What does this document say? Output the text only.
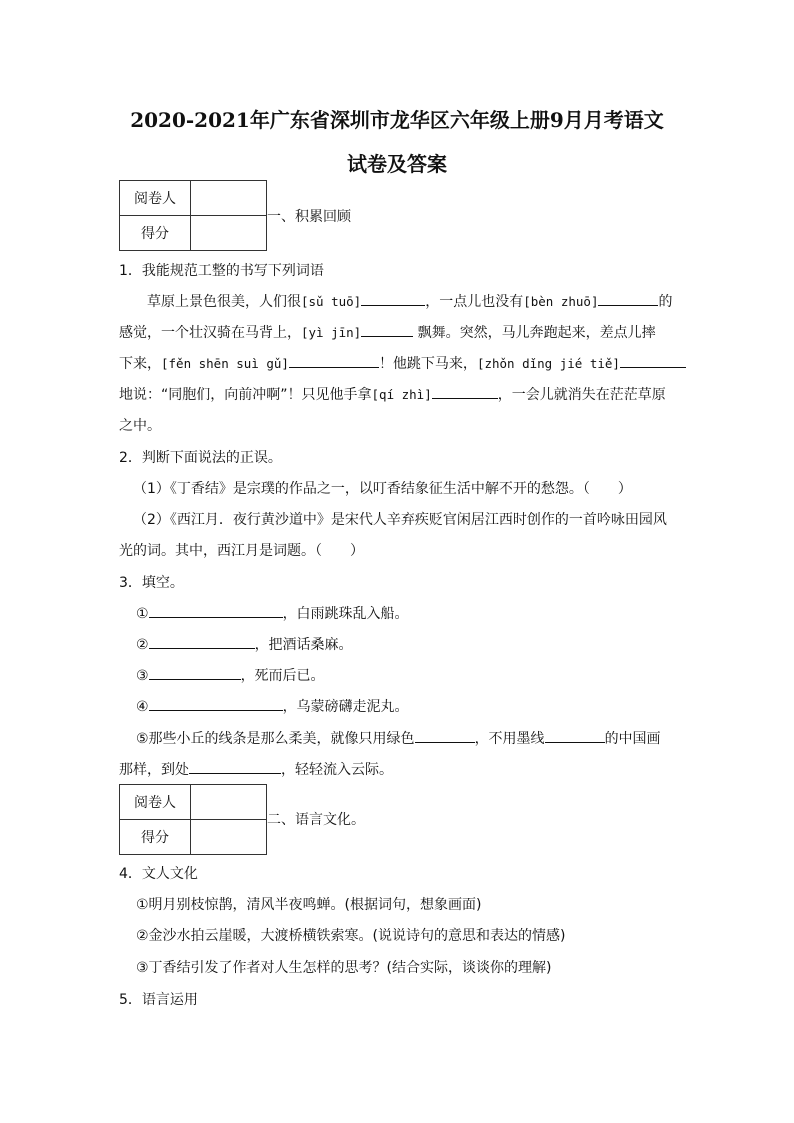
2020-2021年广东省深圳市龙华区六年级上册9月月考语文
试卷及答案
阅卷人	
得分	
一、积累回顾
1．我能规范工整的书写下列词语
草原上景色很美，人们很[sǔ tuō]	，一点儿也没有[bèn zhuō]	的
感觉，一个壮汉骑在马背上，[yì jīn]	飘舞。突然，马儿奔跑起来，差点儿摔
下来，[fěn shēn suì gǔ]	！他跳下马来，[zhǒn dǐng jié tiě]
地说：“同胞们，向前冲啊”！只见他手拿[qí zhì]	，一会儿就消失在茫茫草原
之中。
2．判断下面说法的正误。
（1）《丁香结》是宗璞的作品之一，以叮香结象征生活中解不开的愁怨。（　　）
（2）《西江月．夜行黄沙道中》是宋代人辛弃疾贬官闲居江西时创作的一首吟咏田园风
光的词。其中，西江月是词题。（　　）
3．填空。
①	，白雨跳珠乱入船。
②	，把酒话桑麻。
③	，死而后已。
④	，乌蒙磅礴走泥丸。
⑤那些小丘的线条是那么柔美，就像只用绿色	，不用墨线	的中国画
那样，到处	，轻轻流入云际。
阅卷人	
得分	
二、语言文化。
4．文人文化
①明月别枝惊鹊，清风半夜鸣蝉。(根据词句，想象画面)
②金沙水拍云崖暖，大渡桥横铁索寒。(说说诗句的意思和表达的情感)
③丁香结引发了作者对人生怎样的思考？(结合实际，谈谈你的理解)
5．语言运用
